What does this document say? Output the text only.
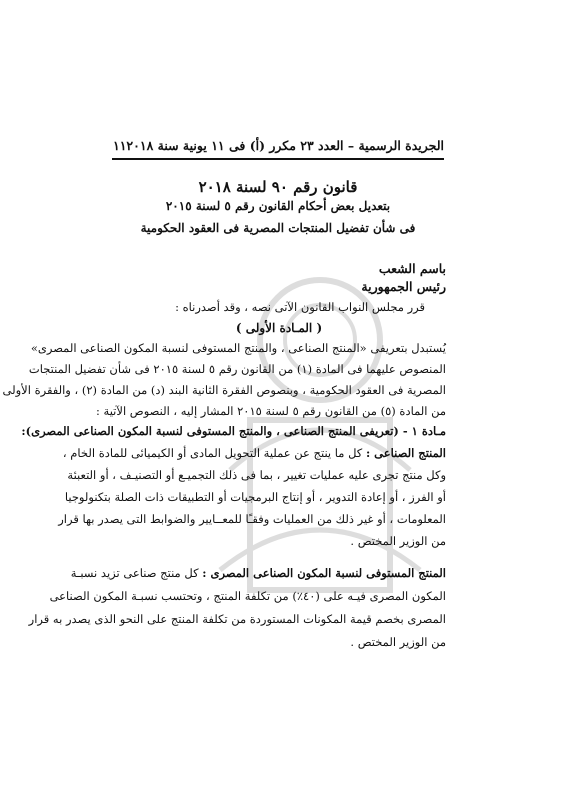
الجريدة الرسمية – العدد ٢٣ مكرر (أ) فى ١١ يونية سنة ٢٠١٨
١١
قانون رقم ٩٠ لسنة ٢٠١٨
بتعديل بعض أحكام القانون رقم ٥ لسنة ٢٠١٥
فى شأن تفضيل المنتجات المصرية فى العقود الحكومية
باسم الشعب
رئيس الجمهورية
قرر مجلس النواب القانون الآتى نصه ، وقد أصدرناه :
( المـادة الأولى )
يُستبدل بتعريفى «المنتج الصناعى ، والمنتج المستوفى لنسبة المكون الصناعى المصرى»
المنصوص عليهما فى المادة (١) من القانون رقم ٥ لسنة ٢٠١٥ فى شأن تفضيل المنتجات
المصرية فى العقود الحكومية ، وبنصوص الفقرة الثانية البند (د) من المادة (٢) ، والفقرة الأولى
من المادة (٥) من القانون رقم ٥ لسنة ٢٠١٥ المشار إليه ، النصوص الآتية :
مـادة ١ - (تعريفى المنتج الصناعى ، والمنتج المستوفى لنسبة المكون الصناعى المصرى):
المنتج الصناعى : كل ما ينتج عن عملية التحويل المادى أو الكيميائى للمادة الخام ،
وكل منتج تجرى عليه عمليات تغيير ، بما فى ذلك التجميـع أو التصنيـف ، أو التعبئة
أو الفرز ، أو إعادة التدوير ، أو إنتاج البرمجيات أو التطبيقات ذات الصلة بتكنولوجيا
المعلومات ، أو غير ذلك من العمليات وفقـًا للمعــايير والضوابط التى يصدر بها قرار
من الوزير المختص .
المنتج المستوفى لنسبة المكون الصناعى المصرى : كل منتج صناعى تزيد نسبـة
المكون المصرى فيـه على (٤٠٪) من تكلفة المنتج ، وتحتسب نسبـة المكون الصناعى
المصرى بخصم قيمة المكونات المستوردة من تكلفة المنتج على النحو الذى يصدر به قرار
من الوزير المختص .
